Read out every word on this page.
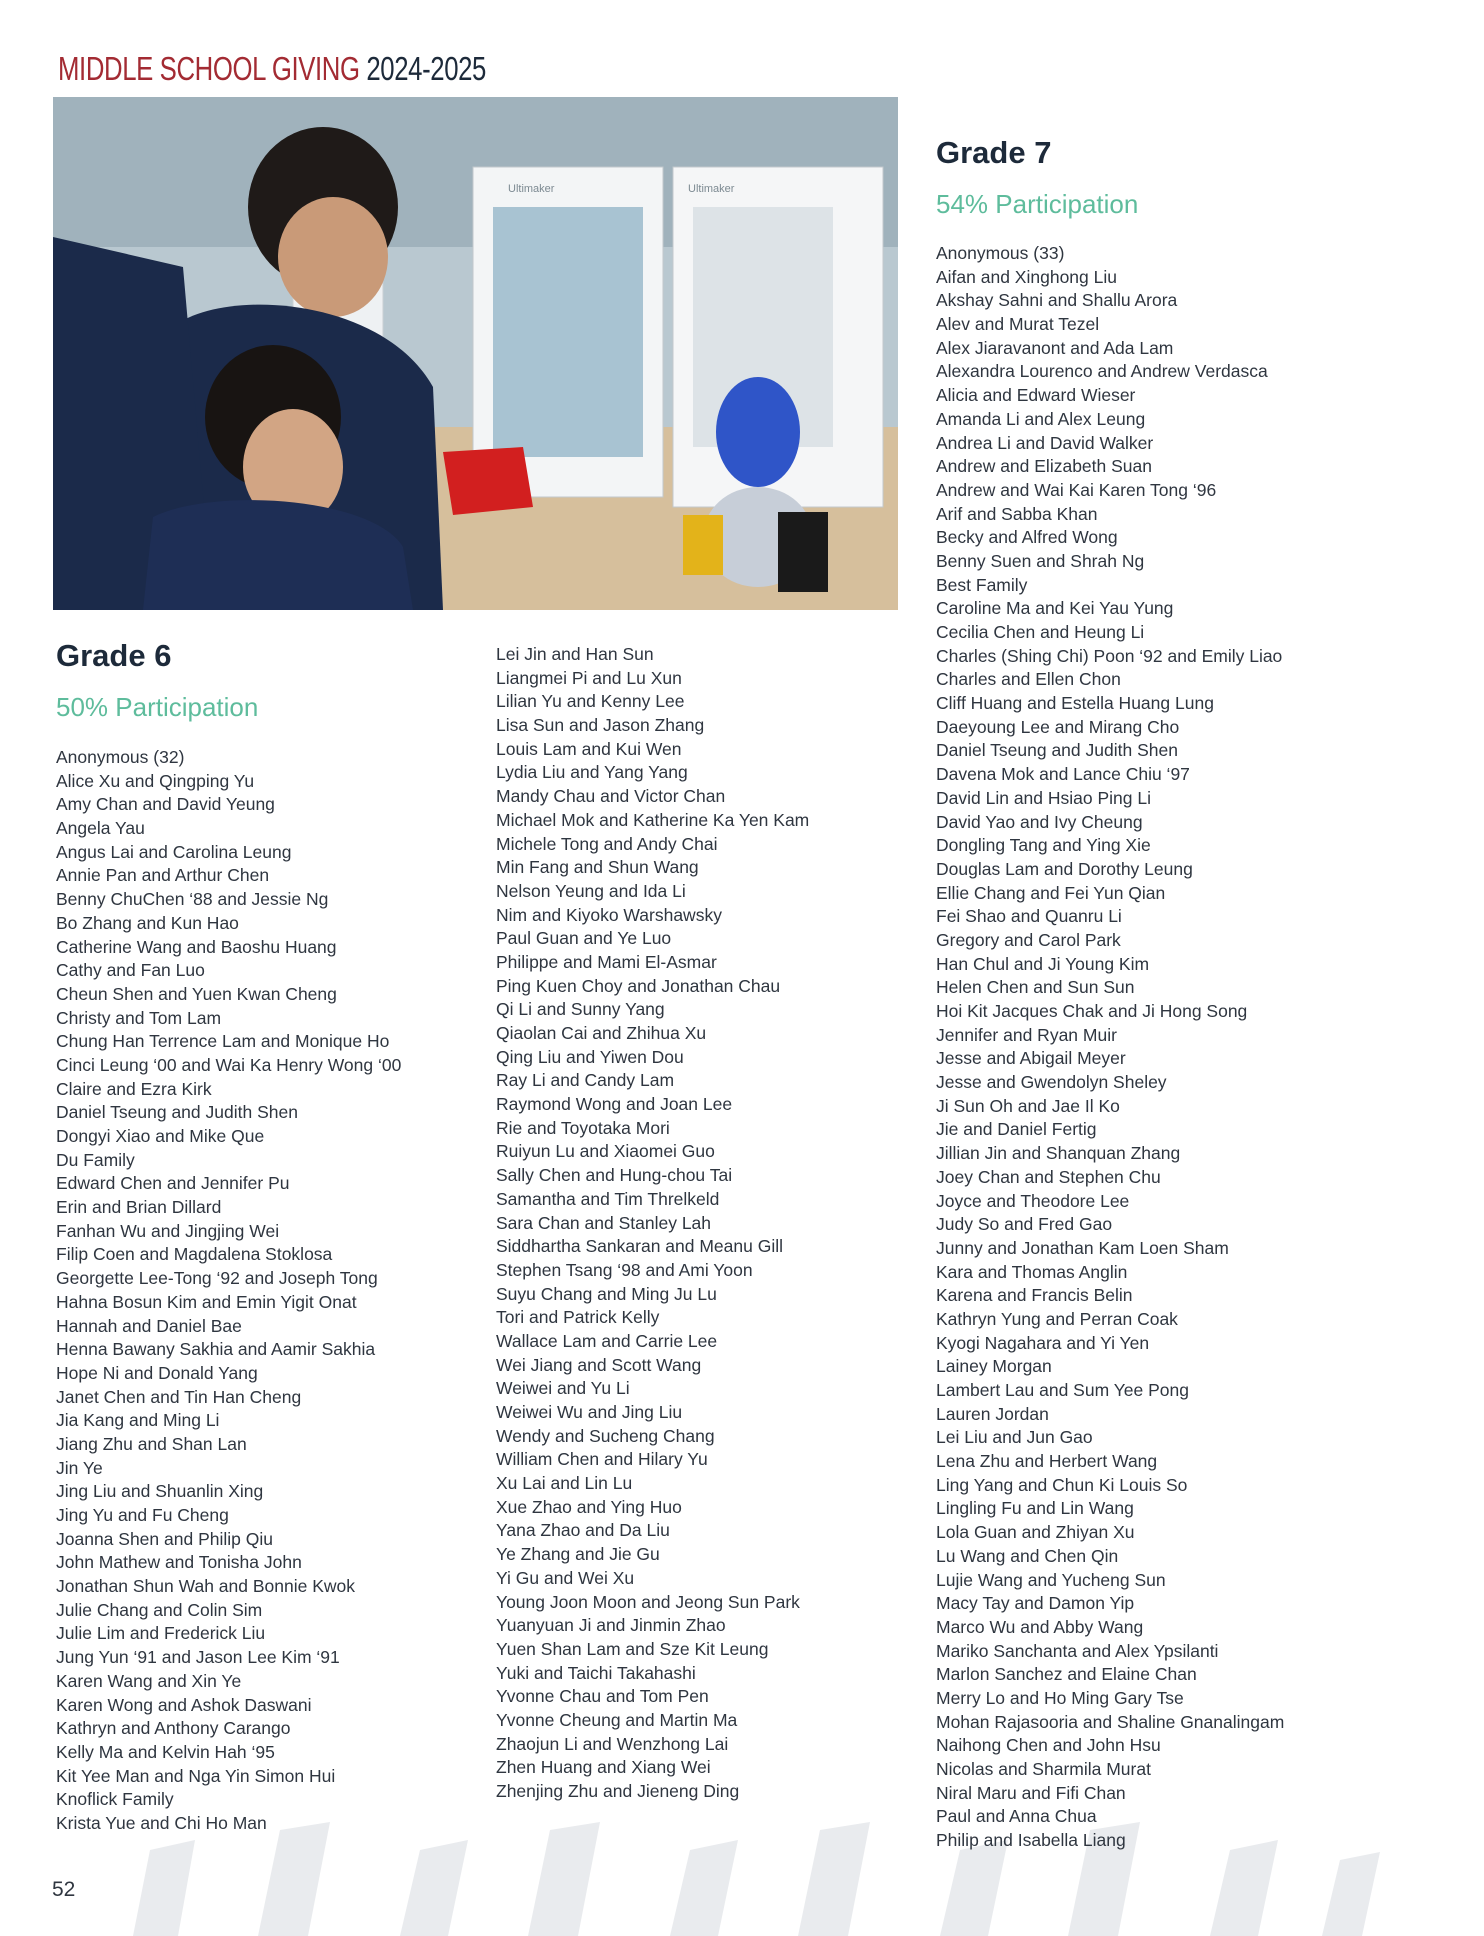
MIDDLE SCHOOL GIVING 2024-2025
Ultimaker	Ultimaker
Grade 6

50% Participation

Anonymous (32)
Alice Xu and Qingping Yu
Amy Chan and David Yeung
Angela Yau
Angus Lai and Carolina Leung
Annie Pan and Arthur Chen
Benny ChuChen ‘88 and Jessie Ng
Bo Zhang and Kun Hao
Catherine Wang and Baoshu Huang
Cathy and Fan Luo
Cheun Shen and Yuen Kwan Cheng
Christy and Tom Lam
Chung Han Terrence Lam and Monique Ho
Cinci Leung ‘00 and Wai Ka Henry Wong ‘00
Claire and Ezra Kirk
Daniel Tseung and Judith Shen
Dongyi Xiao and Mike Que
Du Family
Edward Chen and Jennifer Pu
Erin and Brian Dillard
Fanhan Wu and Jingjing Wei
Filip Coen and Magdalena Stoklosa
Georgette Lee-Tong ‘92 and Joseph Tong
Hahna Bosun Kim and Emin Yigit Onat
Hannah and Daniel Bae
Henna Bawany Sakhia and Aamir Sakhia
Hope Ni and Donald Yang
Janet Chen and Tin Han Cheng
Jia Kang and Ming Li
Jiang Zhu and Shan Lan
Jin Ye
Jing Liu and Shuanlin Xing
Jing Yu and Fu Cheng
Joanna Shen and Philip Qiu
John Mathew and Tonisha John
Jonathan Shun Wah and Bonnie Kwok
Julie Chang and Colin Sim
Julie Lim and Frederick Liu
Jung Yun ‘91 and Jason Lee Kim ‘91
Karen Wang and Xin Ye
Karen Wong and Ashok Daswani
Kathryn and Anthony Carango
Kelly Ma and Kelvin Hah ‘95
Kit Yee Man and Nga Yin Simon Hui
Knoflick Family
Krista Yue and Chi Ho Man
Lei Jin and Han Sun
Liangmei Pi and Lu Xun
Lilian Yu and Kenny Lee
Lisa Sun and Jason Zhang
Louis Lam and Kui Wen
Lydia Liu and Yang Yang
Mandy Chau and Victor Chan
Michael Mok and Katherine Ka Yen Kam
Michele Tong and Andy Chai
Min Fang and Shun Wang
Nelson Yeung and Ida Li
Nim and Kiyoko Warshawsky
Paul Guan and Ye Luo
Philippe and Mami El-Asmar
Ping Kuen Choy and Jonathan Chau
Qi Li and Sunny Yang
Qiaolan Cai and Zhihua Xu
Qing Liu and Yiwen Dou
Ray Li and Candy Lam
Raymond Wong and Joan Lee
Rie and Toyotaka Mori
Ruiyun Lu and Xiaomei Guo
Sally Chen and Hung-chou Tai
Samantha and Tim Threlkeld
Sara Chan and Stanley Lah
Siddhartha Sankaran and Meanu Gill
Stephen Tsang ‘98 and Ami Yoon
Suyu Chang and Ming Ju Lu
Tori and Patrick Kelly
Wallace Lam and Carrie Lee
Wei Jiang and Scott Wang
Weiwei and Yu Li
Weiwei Wu and Jing Liu
Wendy and Sucheng Chang
William Chen and Hilary Yu
Xu Lai and Lin Lu
Xue Zhao and Ying Huo
Yana Zhao and Da Liu
Ye Zhang and Jie Gu
Yi Gu and Wei Xu
Young Joon Moon and Jeong Sun Park
Yuanyuan Ji and Jinmin Zhao
Yuen Shan Lam and Sze Kit Leung
Yuki and Taichi Takahashi
Yvonne Chau and Tom Pen
Yvonne Cheung and Martin Ma
Zhaojun Li and Wenzhong Lai
Zhen Huang and Xiang Wei
Zhenjing Zhu and Jieneng Ding
Grade 7

54% Participation

Anonymous (33)
Aifan and Xinghong Liu
Akshay Sahni and Shallu Arora
Alev and Murat Tezel
Alex Jiaravanont and Ada Lam
Alexandra Lourenco and Andrew Verdasca
Alicia and Edward Wieser
Amanda Li and Alex Leung
Andrea Li and David Walker
Andrew and Elizabeth Suan
Andrew and Wai Kai Karen Tong ‘96
Arif and Sabba Khan
Becky and Alfred Wong
Benny Suen and Shrah Ng
Best Family
Caroline Ma and Kei Yau Yung
Cecilia Chen and Heung Li
Charles (Shing Chi) Poon ‘92 and Emily Liao
Charles and Ellen Chon
Cliff Huang and Estella Huang Lung
Daeyoung Lee and Mirang Cho
Daniel Tseung and Judith Shen
Davena Mok and Lance Chiu ‘97
David Lin and Hsiao Ping Li
David Yao and Ivy Cheung
Dongling Tang and Ying Xie
Douglas Lam and Dorothy Leung
Ellie Chang and Fei Yun Qian
Fei Shao and Quanru Li
Gregory and Carol Park
Han Chul and Ji Young Kim
Helen Chen and Sun Sun
Hoi Kit Jacques Chak and Ji Hong Song
Jennifer and Ryan Muir
Jesse and Abigail Meyer
Jesse and Gwendolyn Sheley
Ji Sun Oh and Jae Il Ko
Jie and Daniel Fertig
Jillian Jin and Shanquan Zhang
Joey Chan and Stephen Chu
Joyce and Theodore Lee
Judy So and Fred Gao
Junny and Jonathan Kam Loen Sham
Kara and Thomas Anglin
Karena and Francis Belin
Kathryn Yung and Perran Coak
Kyogi Nagahara and Yi Yen
Lainey Morgan
Lambert Lau and Sum Yee Pong
Lauren Jordan
Lei Liu and Jun Gao
Lena Zhu and Herbert Wang
Ling Yang and Chun Ki Louis So
Lingling Fu and Lin Wang
Lola Guan and Zhiyan Xu
Lu Wang and Chen Qin
Lujie Wang and Yucheng Sun
Macy Tay and Damon Yip
Marco Wu and Abby Wang
Mariko Sanchanta and Alex Ypsilanti
Marlon Sanchez and Elaine Chan
Merry Lo and Ho Ming Gary Tse
Mohan Rajasooria and Shaline Gnanalingam
Naihong Chen and John Hsu
Nicolas and Sharmila Murat
Niral Maru and Fifi Chan
Paul and Anna Chua
Philip and Isabella Liang
52
